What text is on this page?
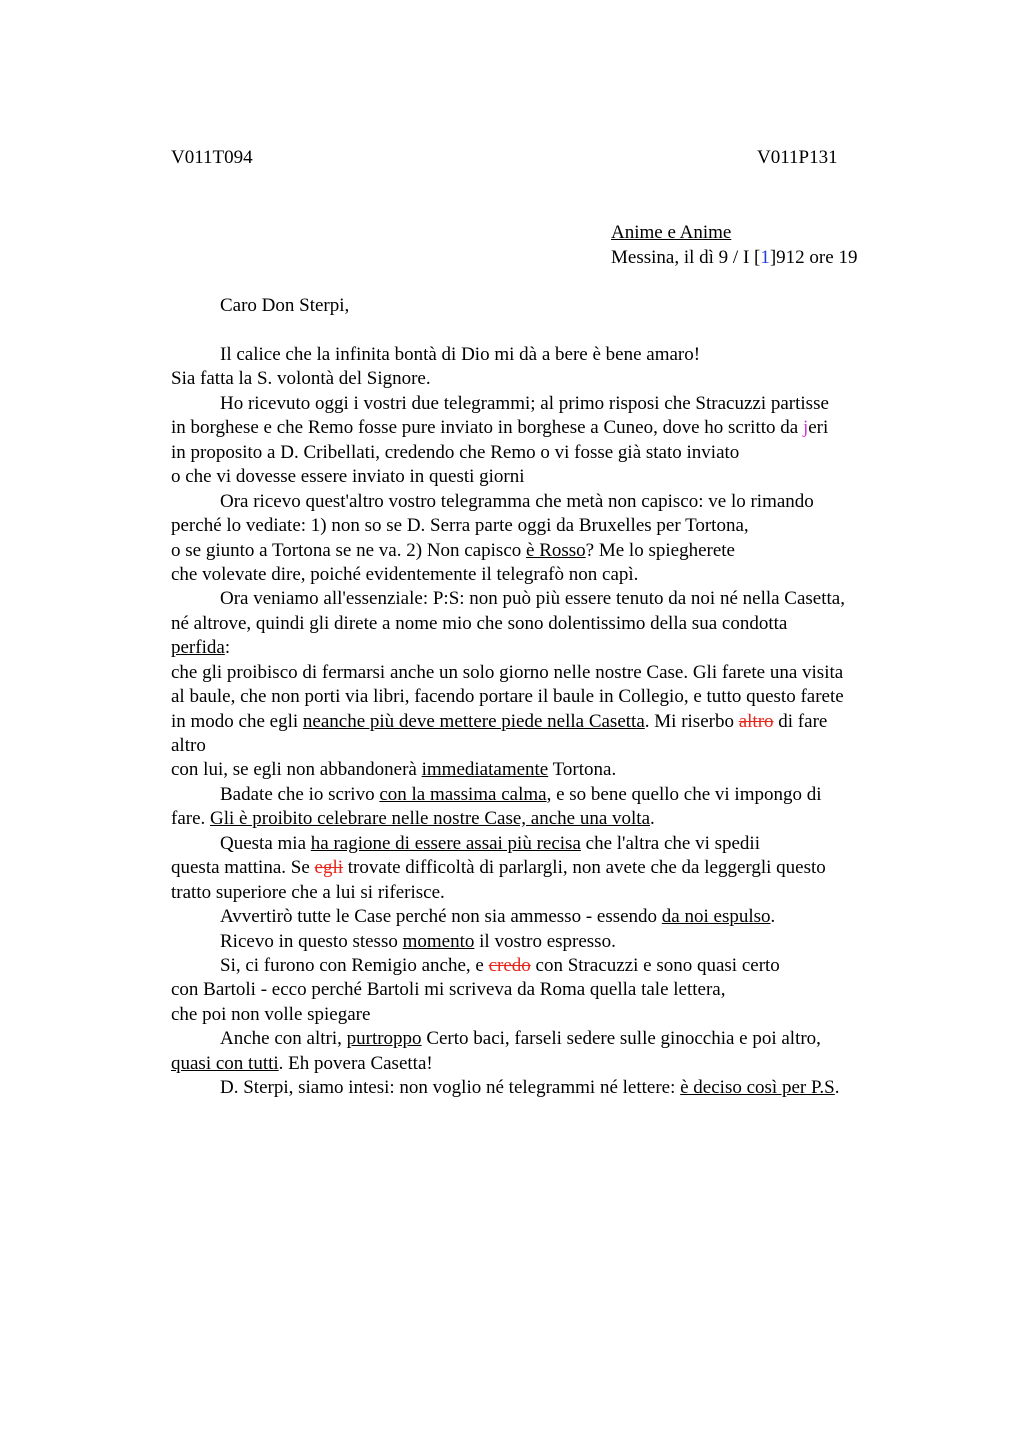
V011T094	V011P131
Anime e Anime
Messina, il dì 9 / I [1]912 ore 19
Caro Don Sterpi,
Il calice che la infinita bontà di Dio mi dà a bere è bene amaro!
Sia fatta la S. volontà del Signore.
Ho ricevuto oggi i vostri due telegrammi; al primo risposi che Stracuzzi partisse
in borghese e che Remo fosse pure inviato in borghese a Cuneo, dove ho scritto da jeri
in proposito a D. Cribellati, credendo che Remo o vi fosse già stato inviato
o che vi dovesse essere inviato in questi giorni
Ora ricevo quest'altro vostro telegramma che metà non capisco: ve lo rimando
perché lo vediate: 1) non so se D. Serra parte oggi da Bruxelles per Tortona,
o se giunto a Tortona se ne va. 2) Non capisco è Rosso? Me lo spiegherete
che volevate dire, poiché evidentemente il telegrafò non capì.
Ora veniamo all'essenziale: P:S: non può più essere tenuto da noi né nella Casetta,
né altrove, quindi gli direte a nome mio che sono dolentissimo della sua condotta
perfida:
che gli proibisco di fermarsi anche un solo giorno nelle nostre Case. Gli farete una visita
al baule, che non porti via libri, facendo portare il baule in Collegio, e tutto questo farete
in modo che egli neanche più deve mettere piede nella Casetta. Mi riserbo altro di fare
altro
con lui, se egli non abbandonerà immediatamente Tortona.
Badate che io scrivo con la massima calma, e so bene quello che vi impongo di
fare. Gli è proibito celebrare nelle nostre Case, anche una volta.
Questa mia ha ragione di essere assai più recisa che l'altra che vi spedii
questa mattina. Se egli trovate difficoltà di parlargli, non avete che da leggergli questo
tratto superiore che a lui si riferisce.
Avvertirò tutte le Case perché non sia ammesso - essendo da noi espulso.
Ricevo in questo stesso momento il vostro espresso.
Si, ci furono con Remigio anche, e credo con Stracuzzi e sono quasi certo
con Bartoli - ecco perché Bartoli mi scriveva da Roma quella tale lettera,
che poi non volle spiegare
Anche con altri, purtroppo Certo baci, farseli sedere sulle ginocchia e poi altro,
quasi con tutti. Eh povera Casetta!
D. Sterpi, siamo intesi: non voglio né telegrammi né lettere: è deciso così per P.S.
